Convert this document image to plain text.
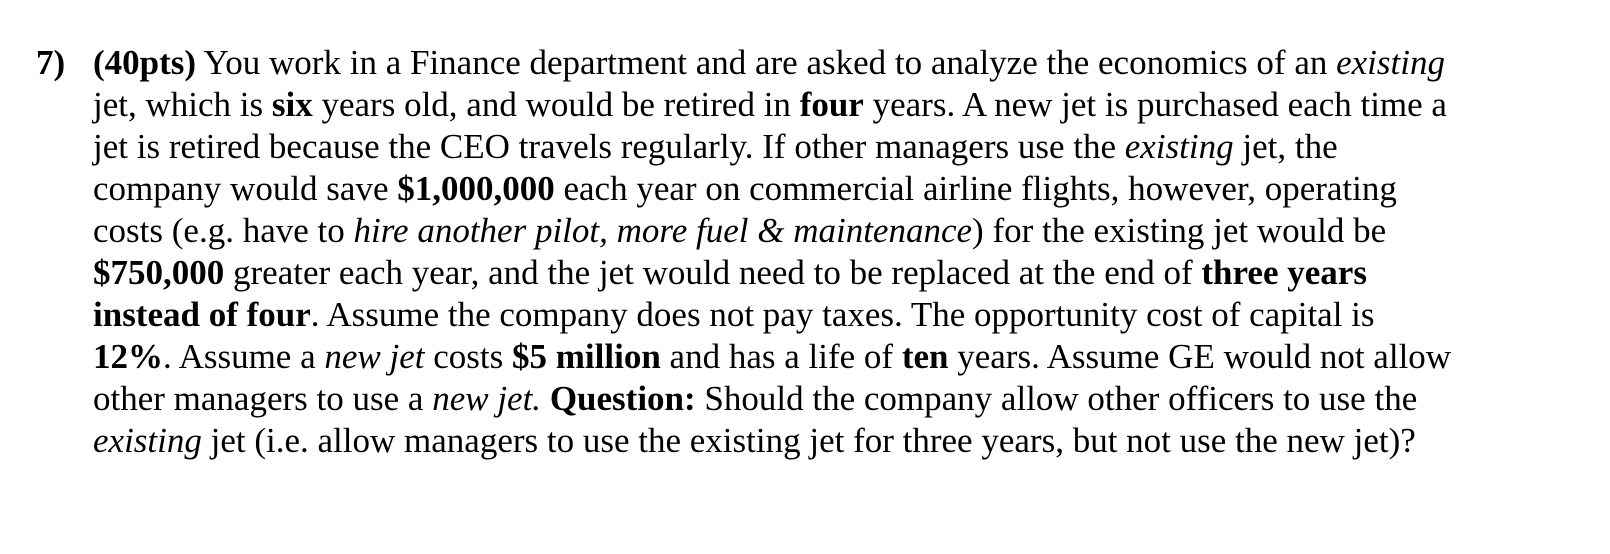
7) (40pts) You work in a Finance department and are asked to analyze the economics of an existing
jet, which is six years old, and would be retired in four years. A new jet is purchased each time a
jet is retired because the CEO travels regularly. If other managers use the existing jet, the
company would save $1,000,000 each year on commercial airline flights, however, operating
costs (e.g. have to hire another pilot, more fuel & maintenance) for the existing jet would be
$750,000 greater each year, and the jet would need to be replaced at the end of three years
instead of four. Assume the company does not pay taxes. The opportunity cost of capital is
12%. Assume a new jet costs $5 million and has a life of ten years. Assume GE would not allow
other managers to use a new jet. Question: Should the company allow other officers to use the
existing jet (i.e. allow managers to use the existing jet for three years, but not use the new jet)?
